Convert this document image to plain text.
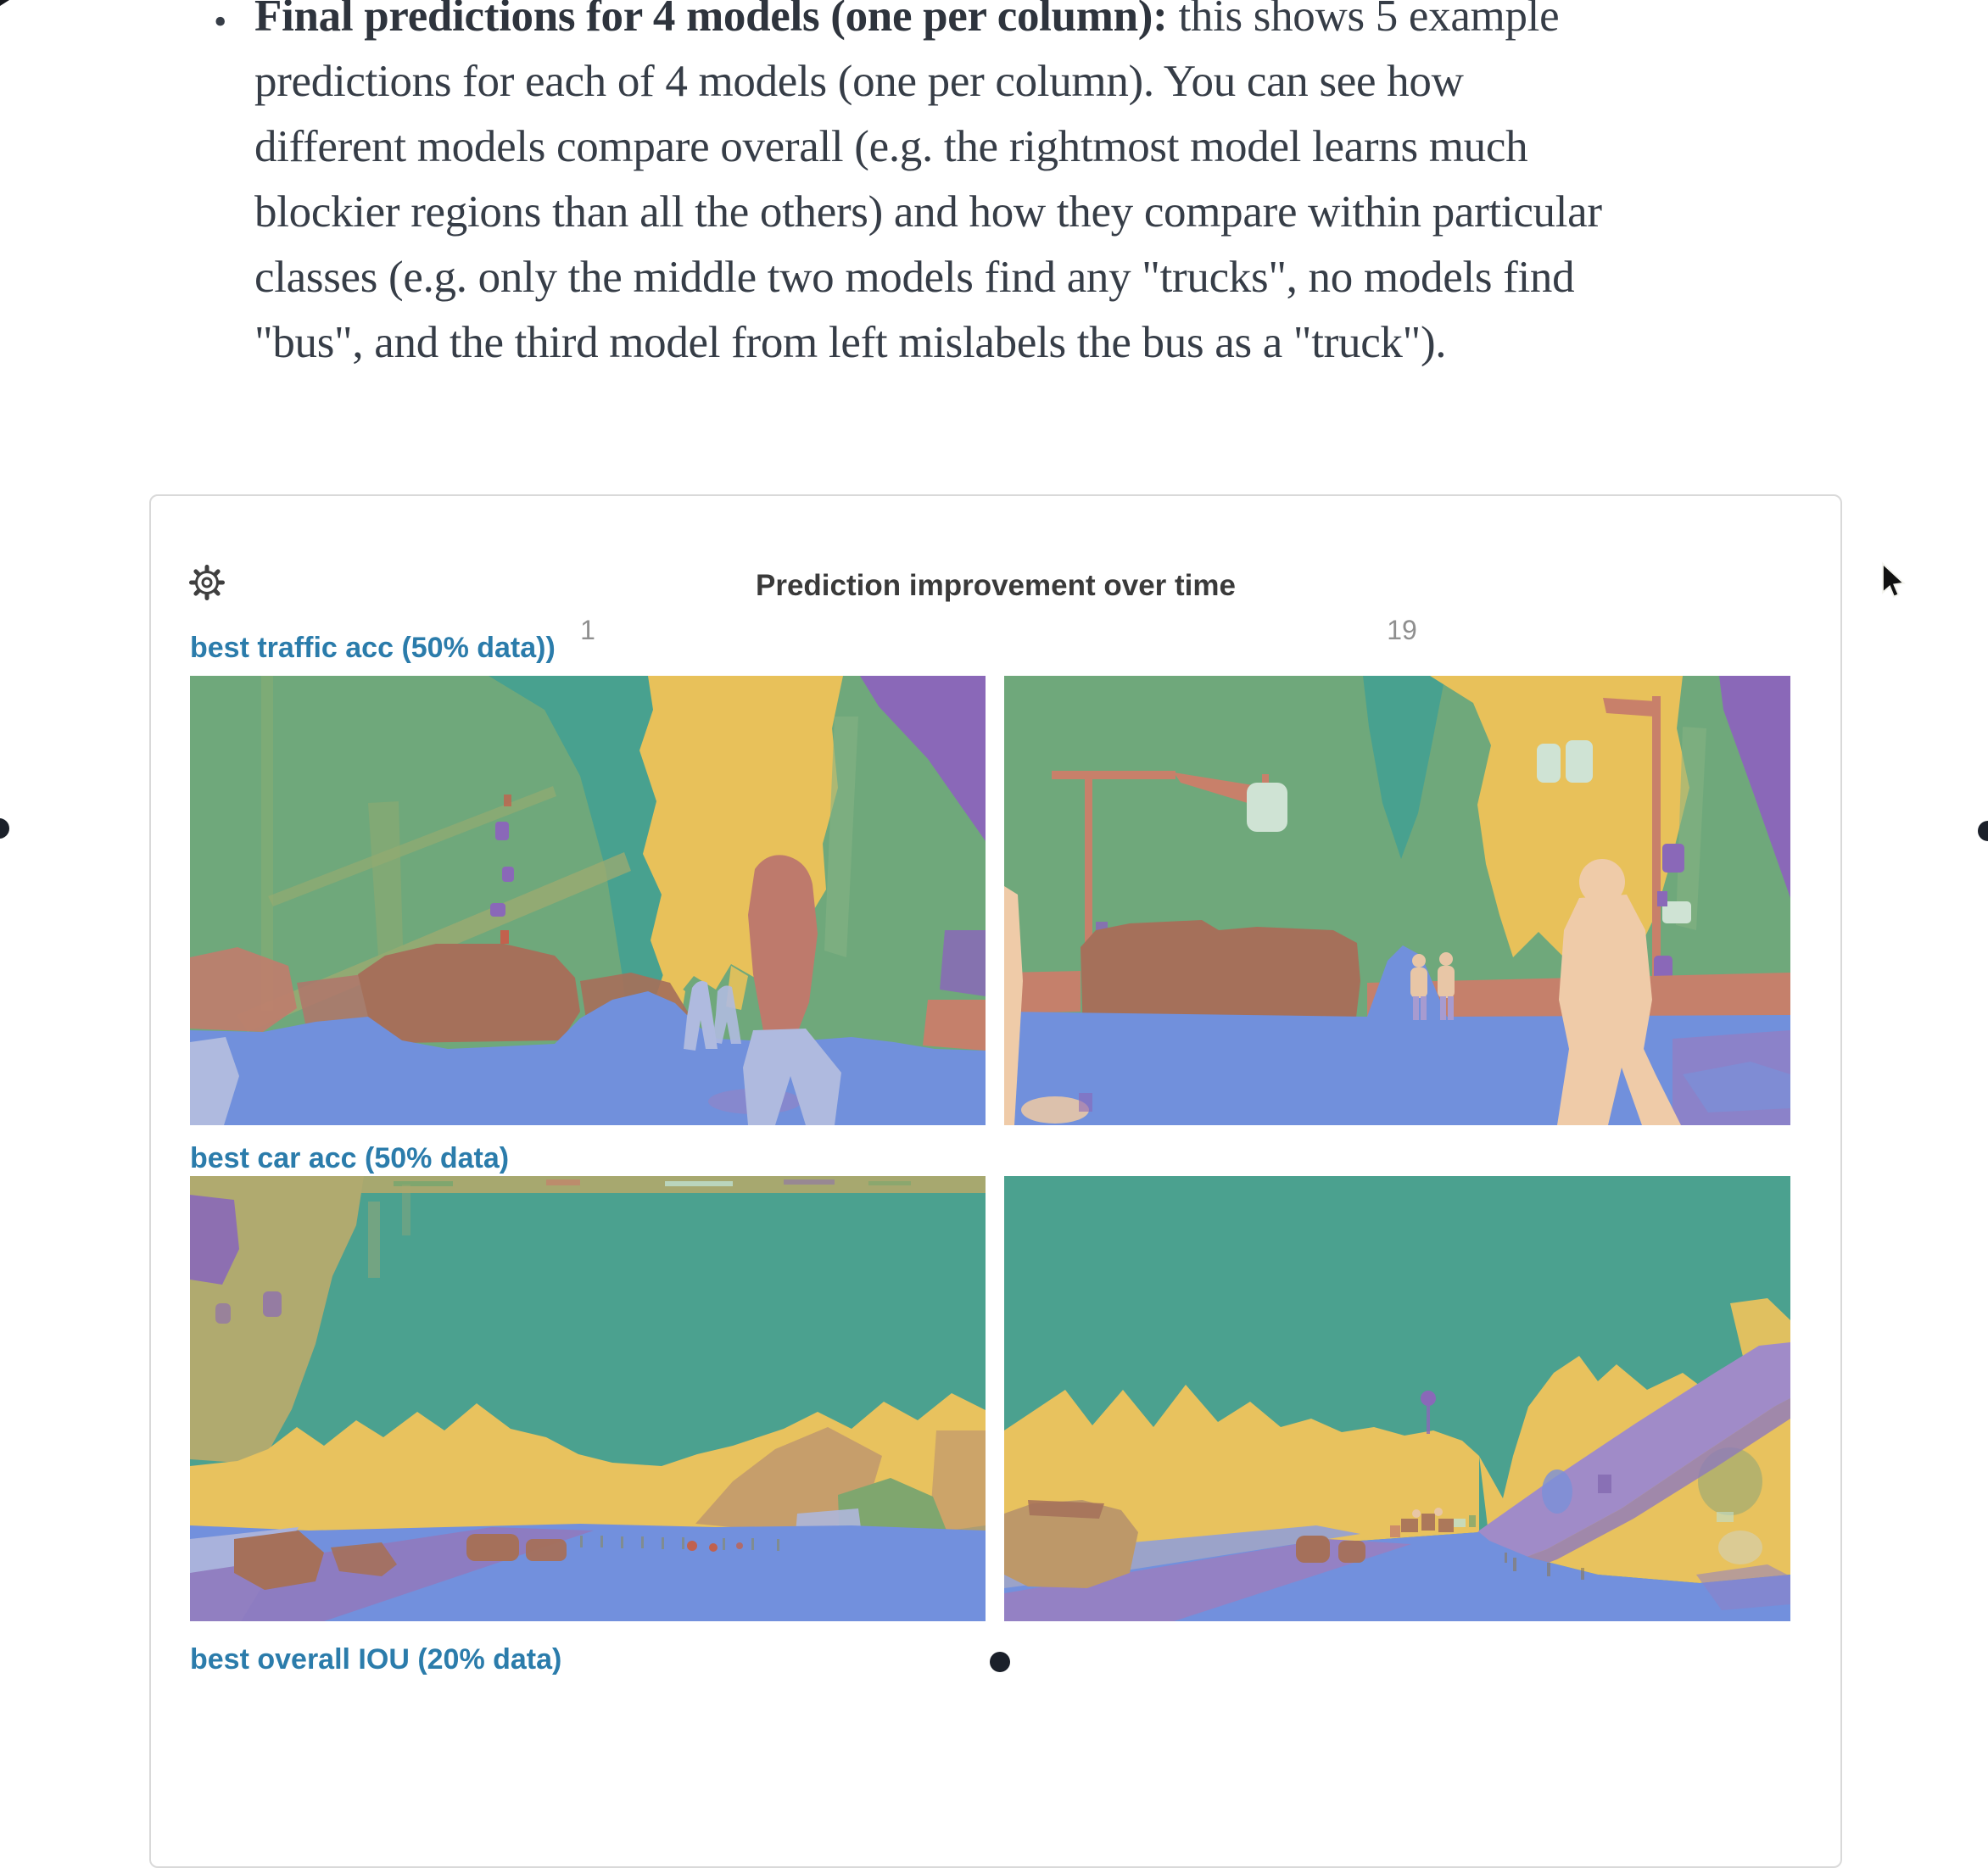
• Final predictions for 4 models (one per column): this shows 5 example
predictions for each of 4 models (one per column). You can see how
different models compare overall (e.g. the rightmost model learns much
blockier regions than all the others) and how they compare within particular
classes (e.g. only the middle two models find any "trucks", no models find
"bus", and the third model from left mislabels the bus as a "truck").
Prediction improvement over time
1	19
best traffic acc (50% data))
best car acc (50% data)
best overall IOU (20% data)
